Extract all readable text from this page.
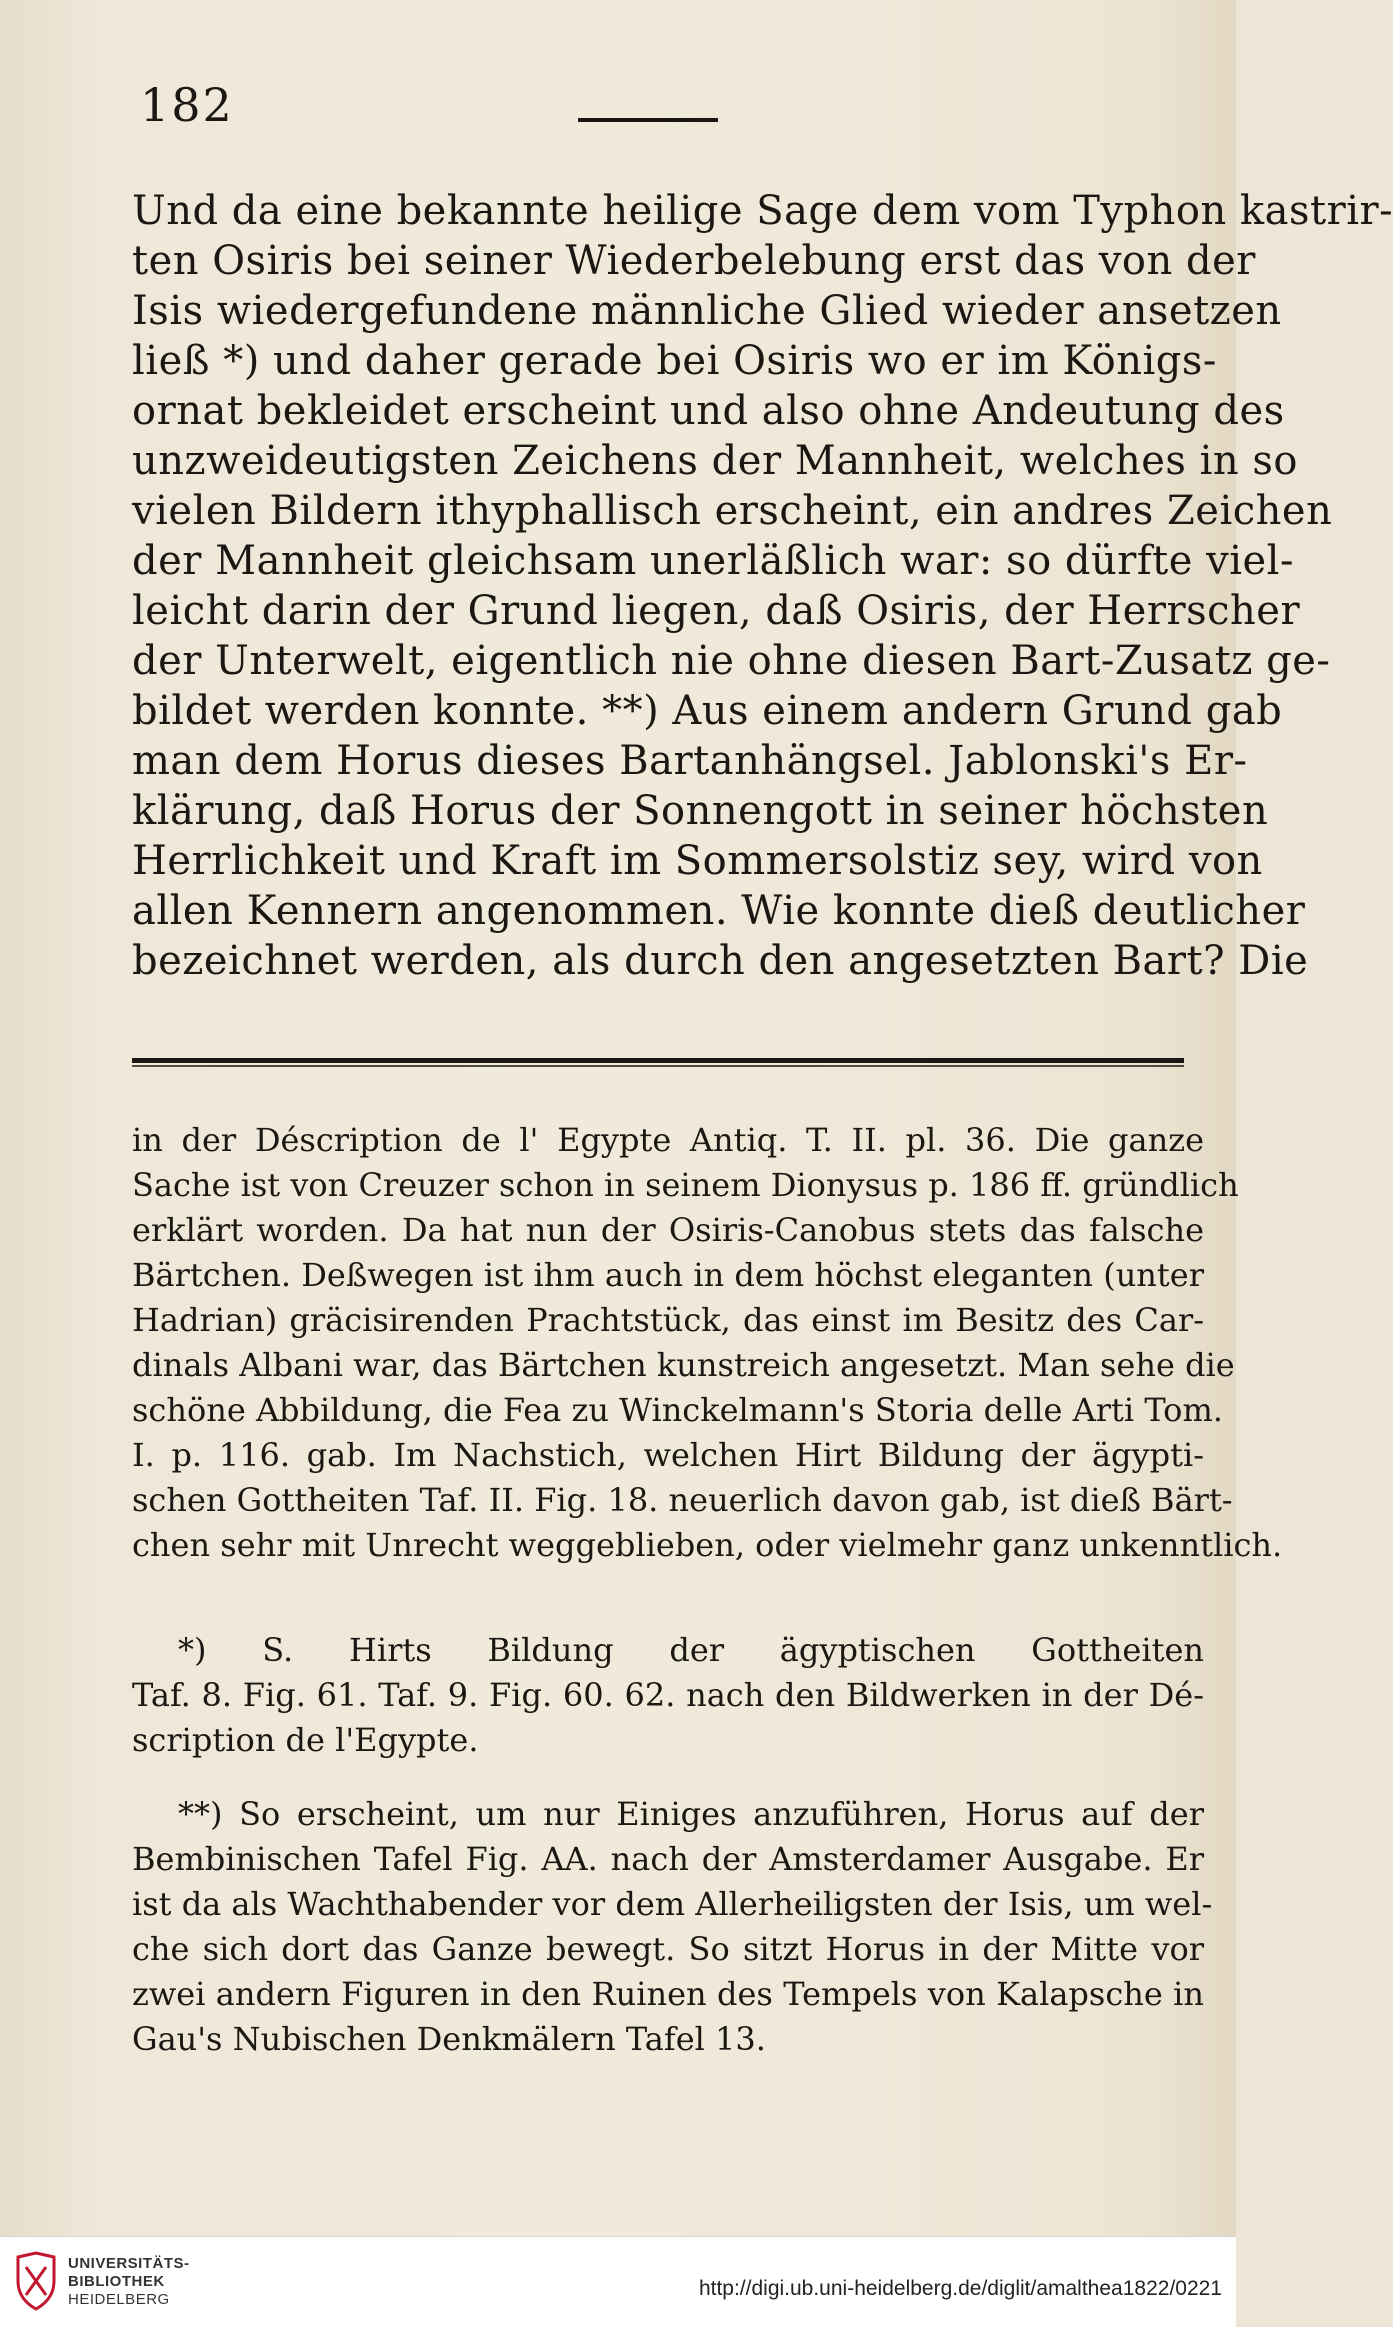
182
Und da eine bekannte heilige Sage dem vom Typhon kastrir-
ten Osiris bei seiner Wiederbelebung erst das von der
Isis wiedergefundene männliche Glied wieder ansetzen
ließ *) und daher gerade bei Osiris wo er im Königs-
ornat bekleidet erscheint und also ohne Andeutung des
unzweideutigsten Zeichens der Mannheit, welches in so
vielen Bildern ithyphallisch erscheint, ein andres Zeichen
der Mannheit gleichsam unerläßlich war: so dürfte viel-
leicht darin der Grund liegen, daß Osiris, der Herrscher
der Unterwelt, eigentlich nie ohne diesen Bart-Zusatz ge-
bildet werden konnte. **) Aus einem andern Grund gab
man dem Horus dieses Bartanhängsel. Jablonski's Er-
klärung, daß Horus der Sonnengott in seiner höchsten
Herrlichkeit und Kraft im Sommersolstiz sey, wird von
allen Kennern angenommen. Wie konnte dieß deutlicher
bezeichnet werden, als durch den angesetzten Bart? Die
in der Déscription de l' Egypte Antiq. T. II. pl. 36. Die ganze
Sache ist von Creuzer schon in seinem Dionysus p. 186 ff. gründlich
erklärt worden. Da hat nun der Osiris-Canobus stets das falsche
Bärtchen. Deßwegen ist ihm auch in dem höchst eleganten (unter
Hadrian) gräcisirenden Prachtstück, das einst im Besitz des Car-
dinals Albani war, das Bärtchen kunstreich angesetzt. Man sehe die
schöne Abbildung, die Fea zu Winckelmann's Storia delle Arti Tom.
I. p. 116. gab. Im Nachstich, welchen Hirt Bildung der ägypti-
schen Gottheiten Taf. II. Fig. 18. neuerlich davon gab, ist dieß Bärt-
chen sehr mit Unrecht weggeblieben, oder vielmehr ganz unkenntlich.
*) S. Hirts Bildung der ägyptischen Gottheiten
Taf. 8. Fig. 61. Taf. 9. Fig. 60. 62. nach den Bildwerken in der Dé-
scription de l'Egypte.
**) So erscheint, um nur Einiges anzuführen, Horus auf der
Bembinischen Tafel Fig. AA. nach der Amsterdamer Ausgabe. Er
ist da als Wachthabender vor dem Allerheiligsten der Isis, um wel-
che sich dort das Ganze bewegt. So sitzt Horus in der Mitte vor
zwei andern Figuren in den Ruinen des Tempels von Kalapsche in
Gau's Nubischen Denkmälern Tafel 13.
UNIVERSITÄTS-
BIBLIOTHEK
HEIDELBERG	http://digi.ub.uni-heidelberg.de/diglit/amalthea1822/0221
